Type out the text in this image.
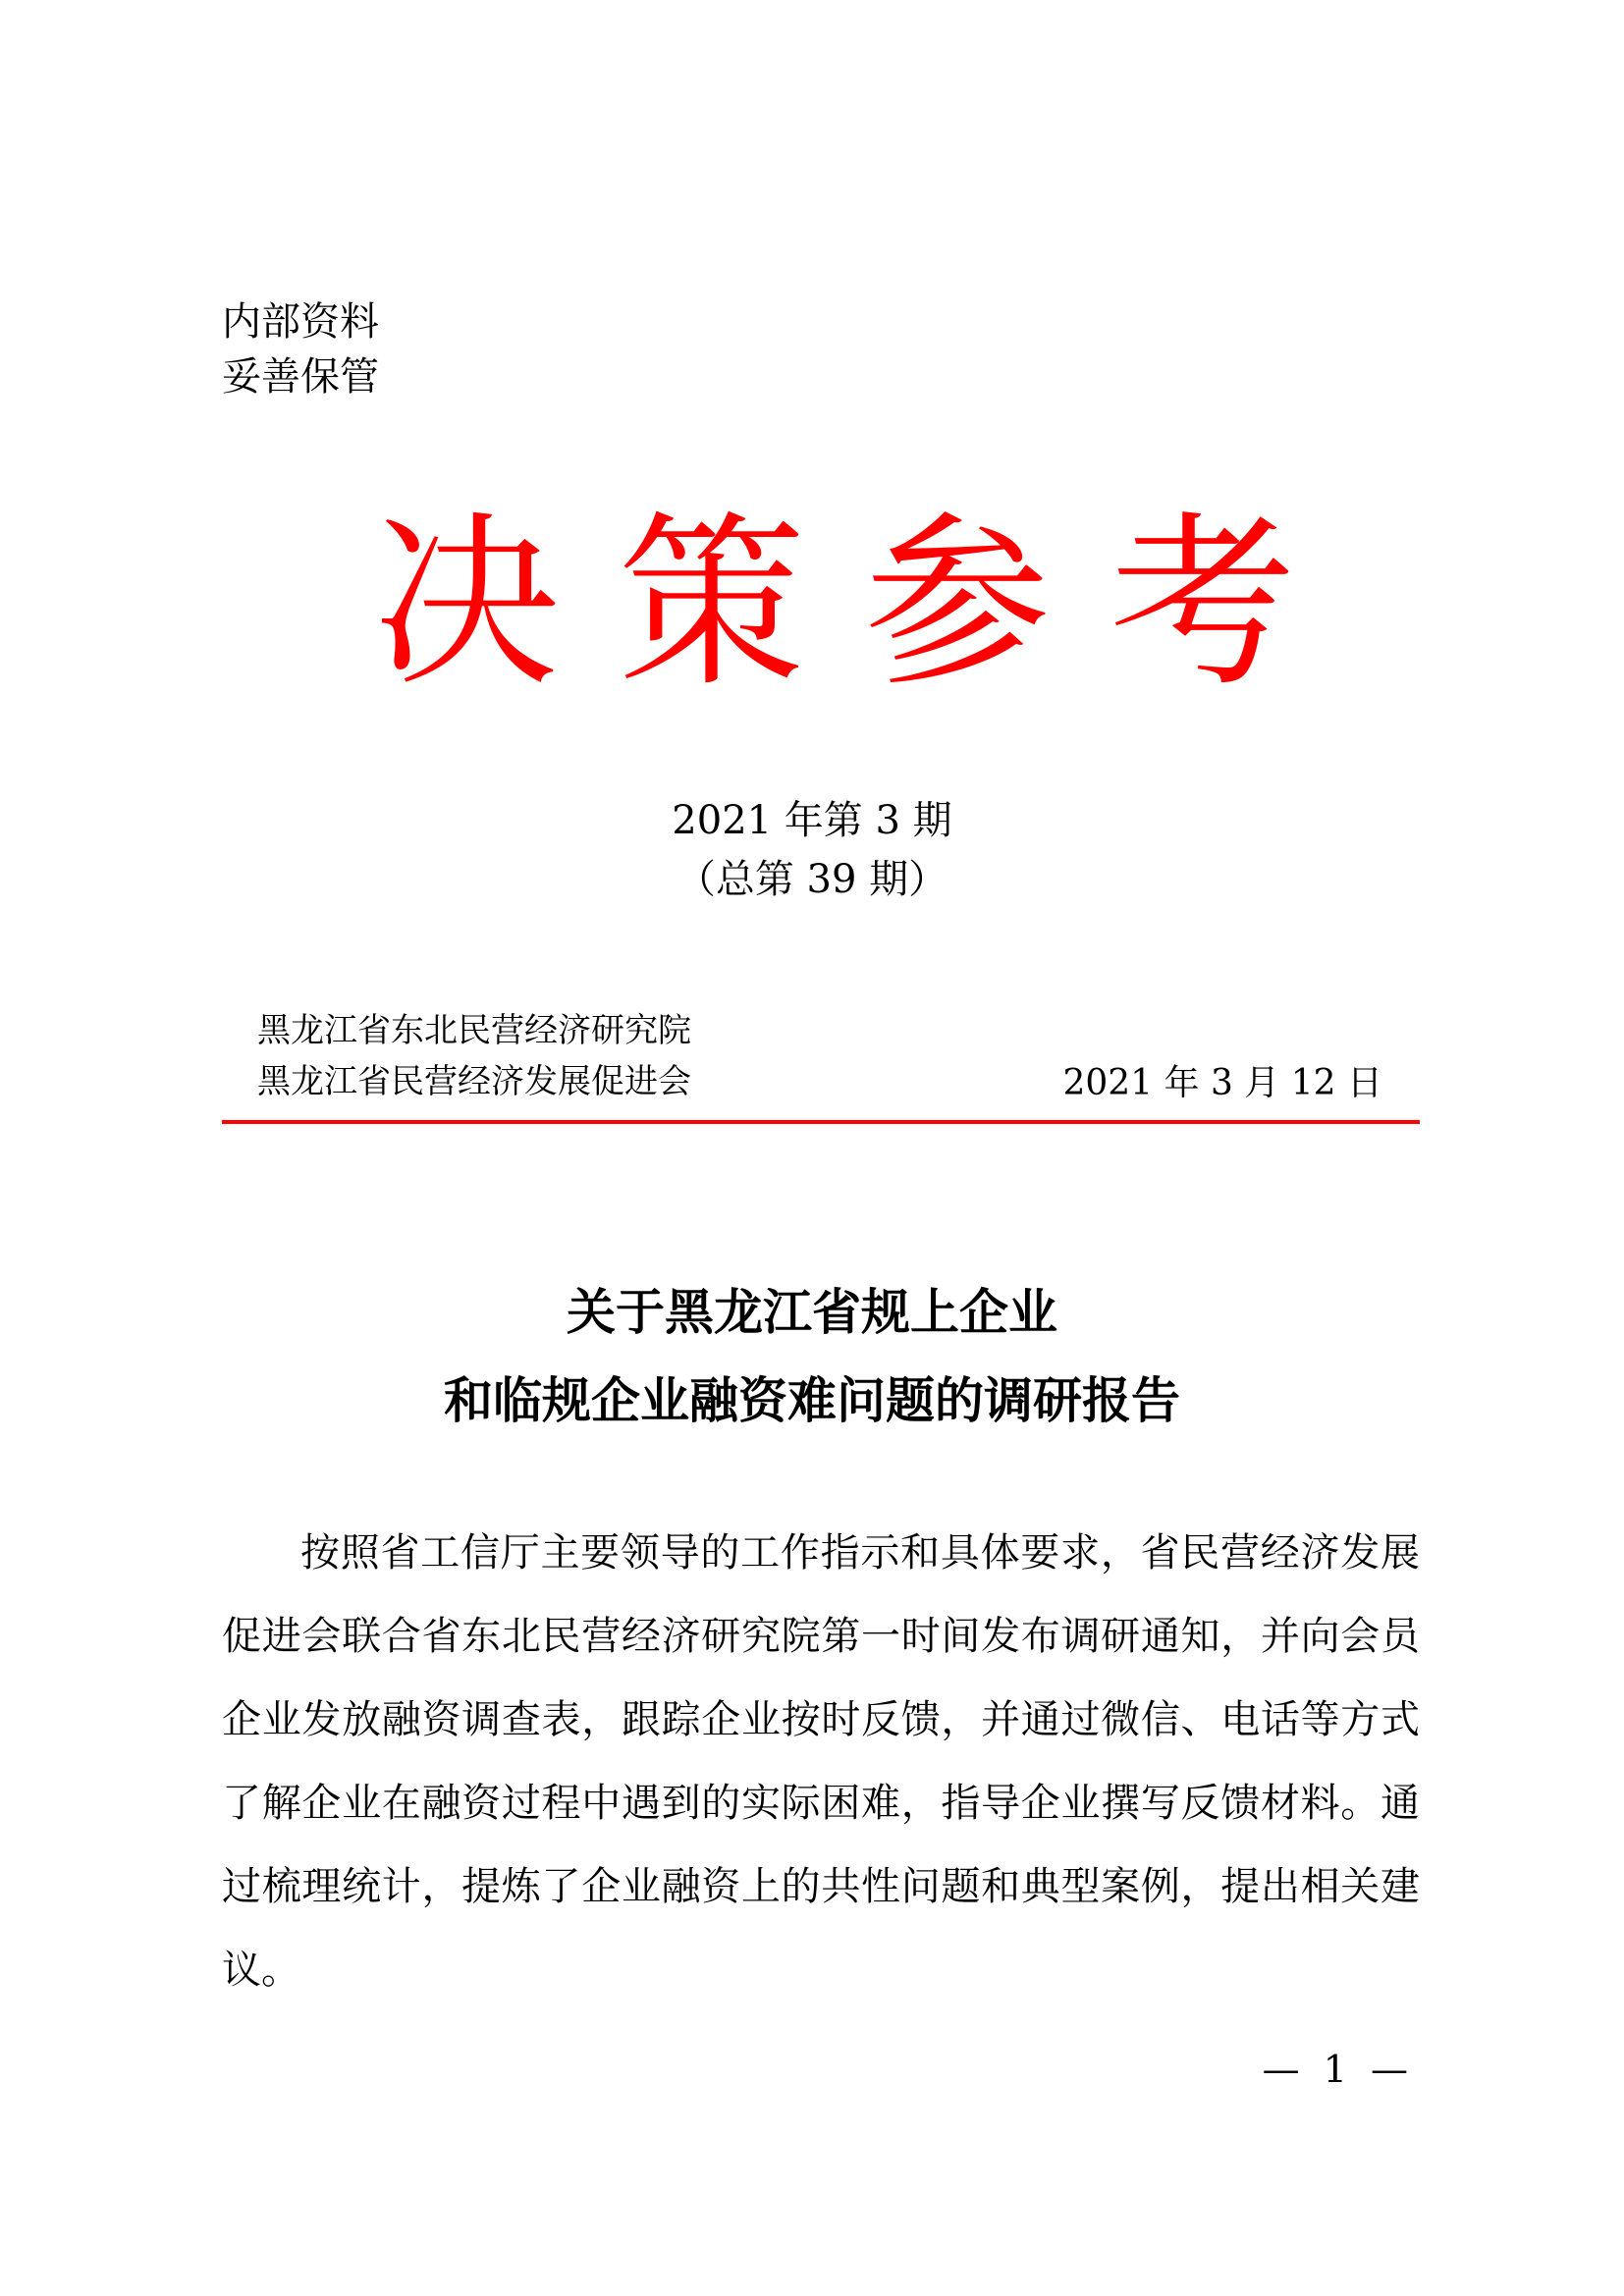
内部资料
妥善保管
决 策 参 考
2021 年第 3 期
（总第 39 期）
黑龙江省东北民营经济研究院
黑龙江省民营经济发展促进会	2021 年 3 月 12 日
关于黑龙江省规上企业
和临规企业融资难问题的调研报告

按照省工信厅主要领导的工作指示和具体要求，省民营经济发展促进会联合省东北民营经济研究院第一时间发布调研通知，并向会员企业发放融资调查表，跟踪企业按时反馈，并通过微信、电话等方式了解企业在融资过程中遇到的实际困难，指导企业撰写反馈材料。通过梳理统计，提炼了企业融资上的共性问题和典型案例，提出相关建议。

— 1 —
